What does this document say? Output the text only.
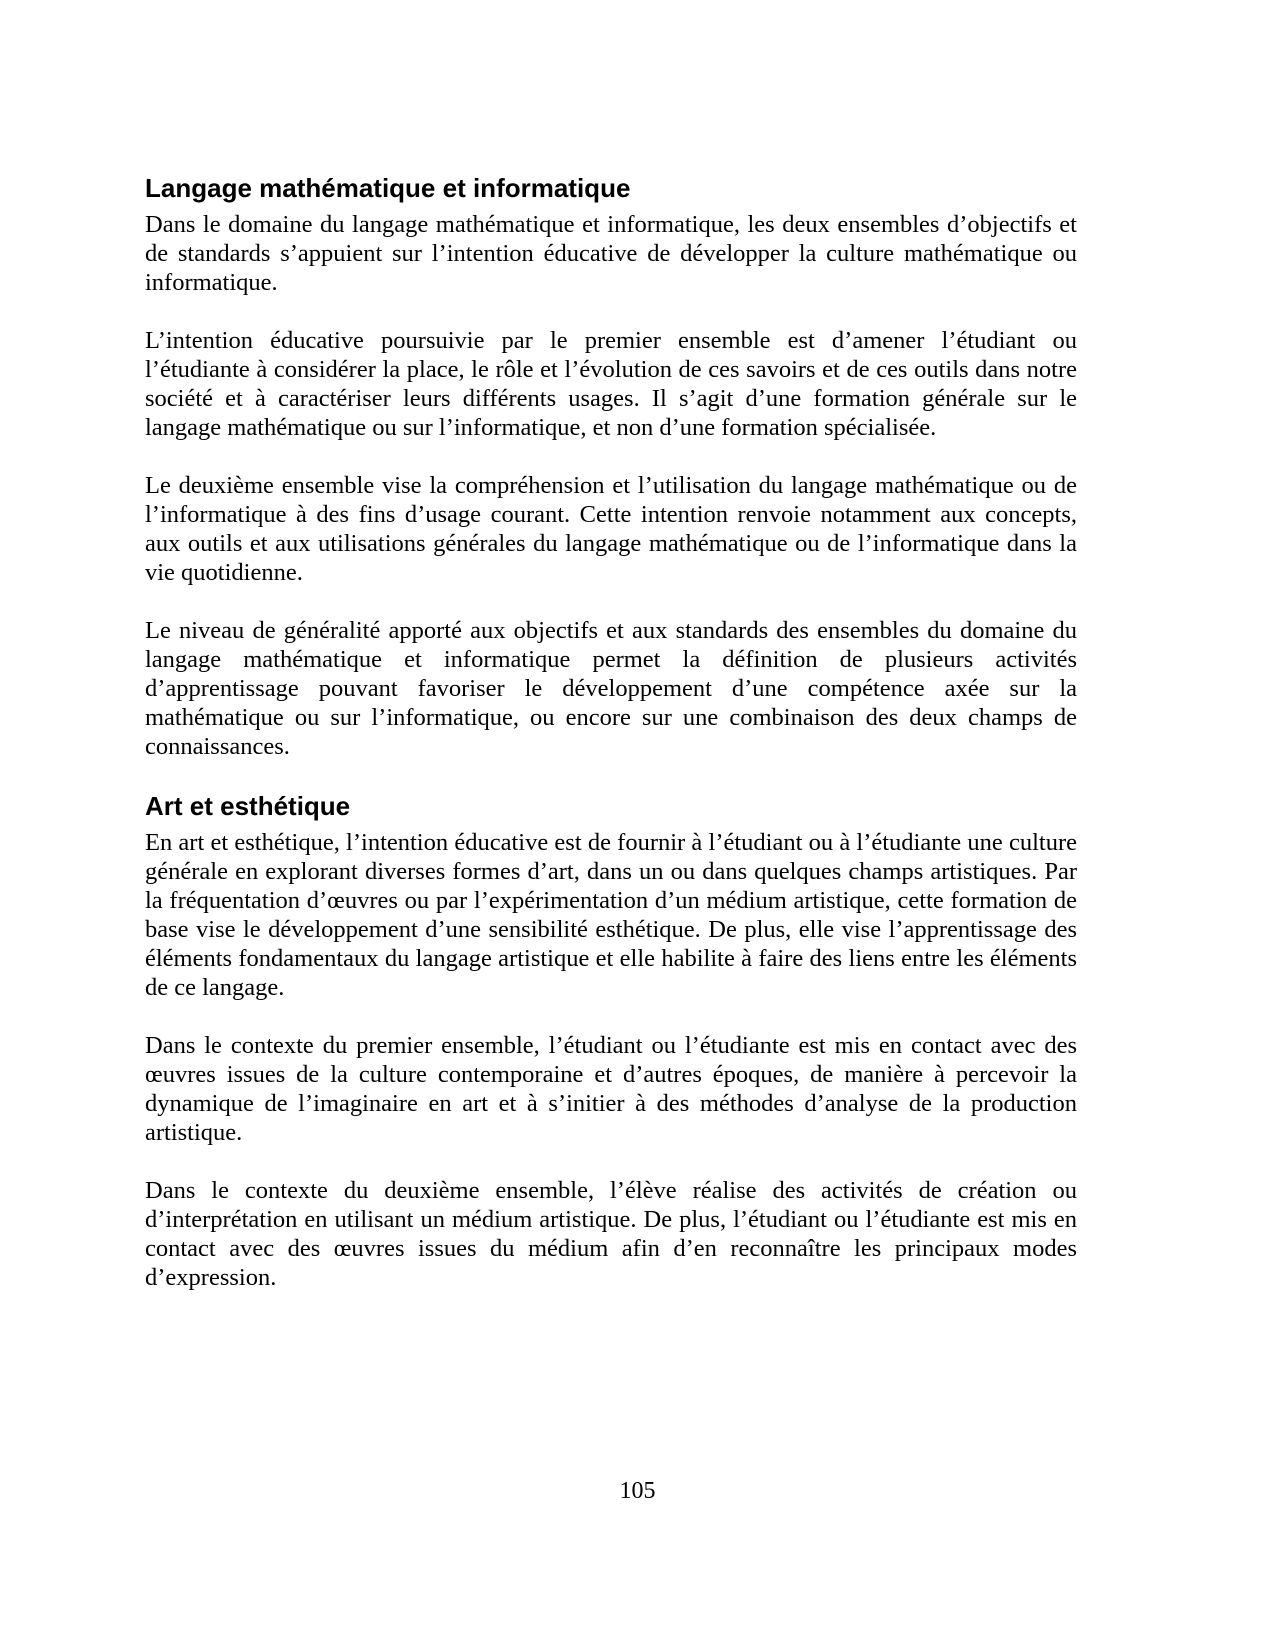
Langage mathématique et informatique

Dans le domaine du langage mathématique et informatique, les deux ensembles d’objectifs et de standards s’appuient sur l’intention éducative de développer la culture mathématique ou informatique.

L’intention éducative poursuivie par le premier ensemble est d’amener l’étudiant ou l’étudiante à considérer la place, le rôle et l’évolution de ces savoirs et de ces outils dans notre société et à caractériser leurs différents usages. Il s’agit d’une formation générale sur le langage mathématique ou sur l’informatique, et non d’une formation spécialisée.

Le deuxième ensemble vise la compréhension et l’utilisation du langage mathématique ou de l’informatique à des fins d’usage courant. Cette intention renvoie notamment aux concepts, aux outils et aux utilisations générales du langage mathématique ou de l’informatique dans la vie quotidienne.

Le niveau de généralité apporté aux objectifs et aux standards des ensembles du domaine du langage mathématique et informatique permet la définition de plusieurs activités d’apprentissage pouvant favoriser le développement d’une compétence axée sur la mathématique ou sur l’informatique, ou encore sur une combinaison des deux champs de connaissances.

Art et esthétique

En art et esthétique, l’intention éducative est de fournir à l’étudiant ou à l’étudiante une culture générale en explorant diverses formes d’art, dans un ou dans quelques champs artistiques. Par la fréquentation d’œuvres ou par l’expérimentation d’un médium artistique, cette formation de base vise le développement d’une sensibilité esthétique. De plus, elle vise l’apprentissage des éléments fondamentaux du langage artistique et elle habilite à faire des liens entre les éléments de ce langage.

Dans le contexte du premier ensemble, l’étudiant ou l’étudiante est mis en contact avec des œuvres issues de la culture contemporaine et d’autres époques, de manière à percevoir la dynamique de l’imaginaire en art et à s’initier à des méthodes d’analyse de la production artistique.

Dans le contexte du deuxième ensemble, l’élève réalise des activités de création ou d’interprétation en utilisant un médium artistique. De plus, l’étudiant ou l’étudiante est mis en contact avec des œuvres issues du médium afin d’en reconnaître les principaux modes d’expression.

105
